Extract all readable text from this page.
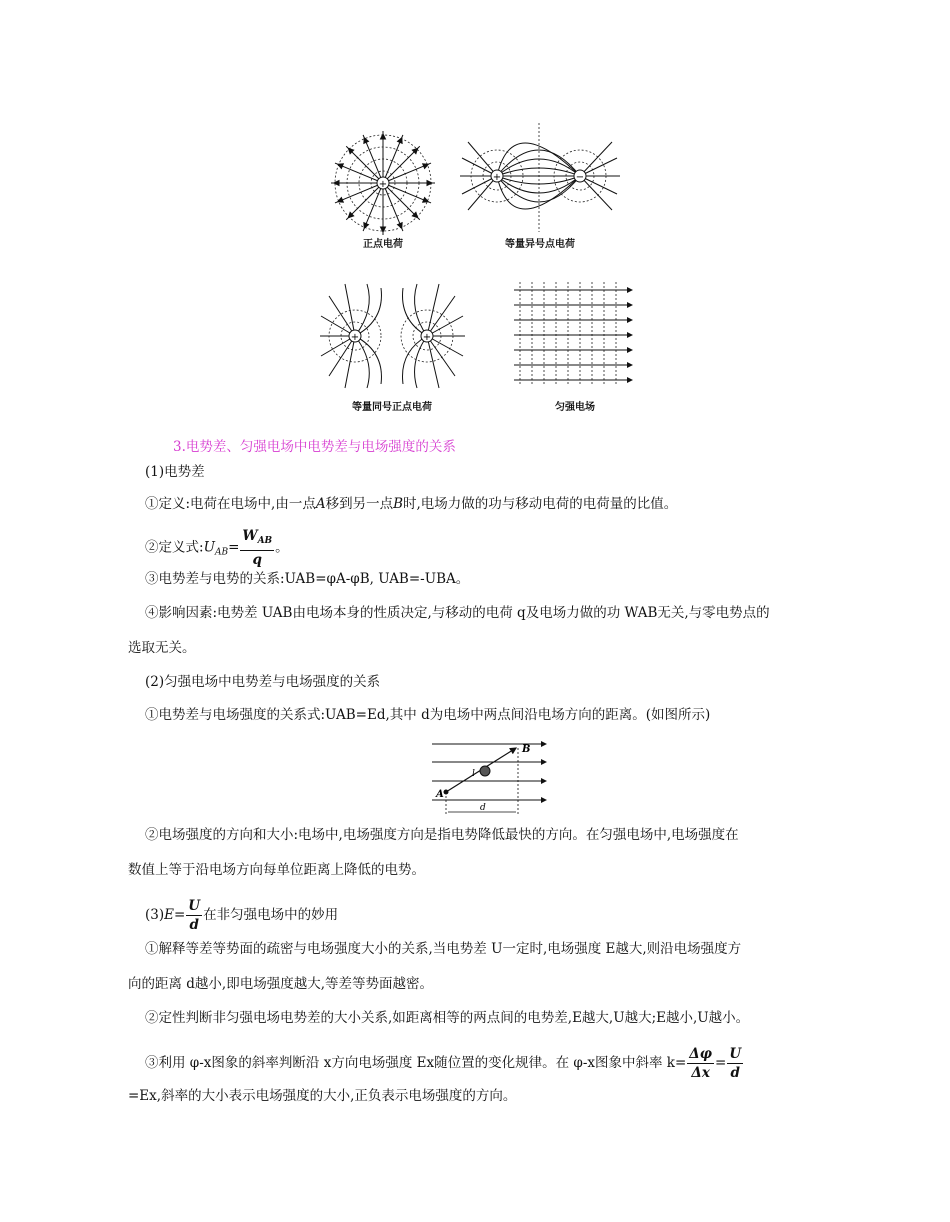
+
正点电荷
+	−
等量异号点电荷
+	+
等量同号正点电荷	匀强电场
3.电势差、匀强电场中电势差与电场强度的关系
(1)电势差
①定义:电荷在电场中,由一点A移到另一点B时,电场力做的功与移动电荷的电荷量的比值。
②定义式$:U_{AB}= \frac{W_{AB}}{q}$ 。
③电势差与电势的关系:UAB=φA-φB, UAB=-UBA。
④影响因素:电势差 UAB由电场本身的性质决定,与移动的电荷 q及电场力做的功 WAB无关,与零电势点的
选取无关。
(2)匀强电场中电势差与电场强度的关系
①电势差与电场强度的关系式:UAB=Ed,其中 d为电场中两点间沿电场方向的距离。(如图所示)
A
B
l
d
②电场强度的方向和大小:电场中,电场强度方向是指电势降低最快的方向。在匀强电场中,电场强度在
数值上等于沿电场方向每单位距离上降低的电势。
$(3)E= \frac{U}{d}$ 在非匀强电场中的妙用
①解释等差等势面的疏密与电场强度大小的关系,当电势差 U一定时,电场强度 E越大,则沿电场强度方
向的距离 d越小,即电场强度越大,等差等势面越密。
②定性判断非匀强电场电势差的大小关系,如距离相等的两点间的电势差,E越大,U越大;E越小,U越小。
③利用 φ-x图象的斜率判断沿 x方向电场强度 Ex随位置的变化规律。在 φ-x图象中斜率 $k= \frac{\Delta\varphi}{\Delta x} = \frac{U}{d}$
=Ex,斜率的大小表示电场强度的大小,正负表示电场强度的方向。
